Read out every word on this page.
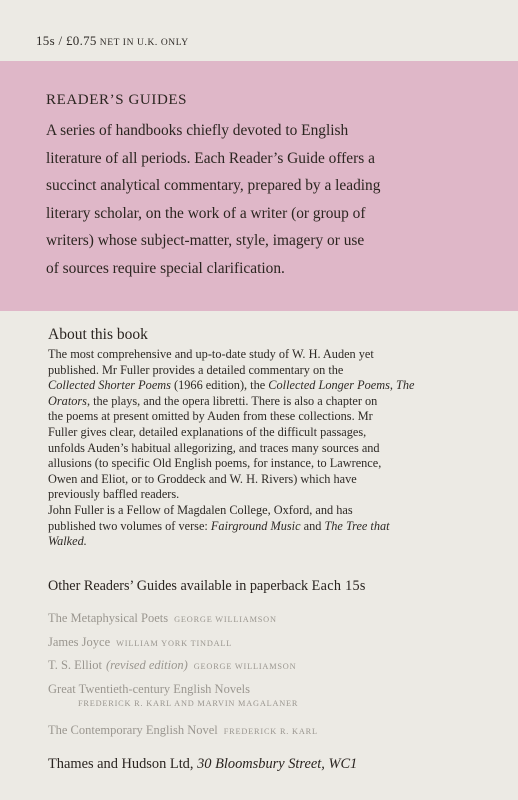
15s / £0.75 NET IN U.K. ONLY
READER’S GUIDES

A series of handbooks chiefly devoted to English
literature of all periods. Each Reader’s Guide offers a
succinct analytical commentary, prepared by a leading
literary scholar, on the work of a writer (or group of
writers) whose subject-matter, style, imagery or use
of sources require special clarification.

About this book
The most comprehensive and up-to-date study of W. H. Auden yet
published. Mr Fuller provides a detailed commentary on the
Collected Shorter Poems (1966 edition), the Collected Longer Poems, The
Orators, the plays, and the opera libretti. There is also a chapter on
the poems at present omitted by Auden from these collections. Mr
Fuller gives clear, detailed explanations of the difficult passages,
unfolds Auden’s habitual allegorizing, and traces many sources and
allusions (to specific Old English poems, for instance, to Lawrence,
Owen and Eliot, or to Groddeck and W. H. Rivers) which have
previously baffled readers.
John Fuller is a Fellow of Magdalen College, Oxford, and has
published two volumes of verse: Fairground Music and The Tree that
Walked.
Other Readers’ Guides available in paperback Each 15s
The Metaphysical Poets GEORGE WILLIAMSON
James Joyce WILLIAM YORK TINDALL
T. S. Elliot (revised edition) GEORGE WILLIAMSON
Great Twentieth-century English Novels
FREDERICK R. KARL AND MARVIN MAGALANER
The Contemporary English Novel FREDERICK R. KARL
Thames and Hudson Ltd, 30 Bloomsbury Street, WC1
